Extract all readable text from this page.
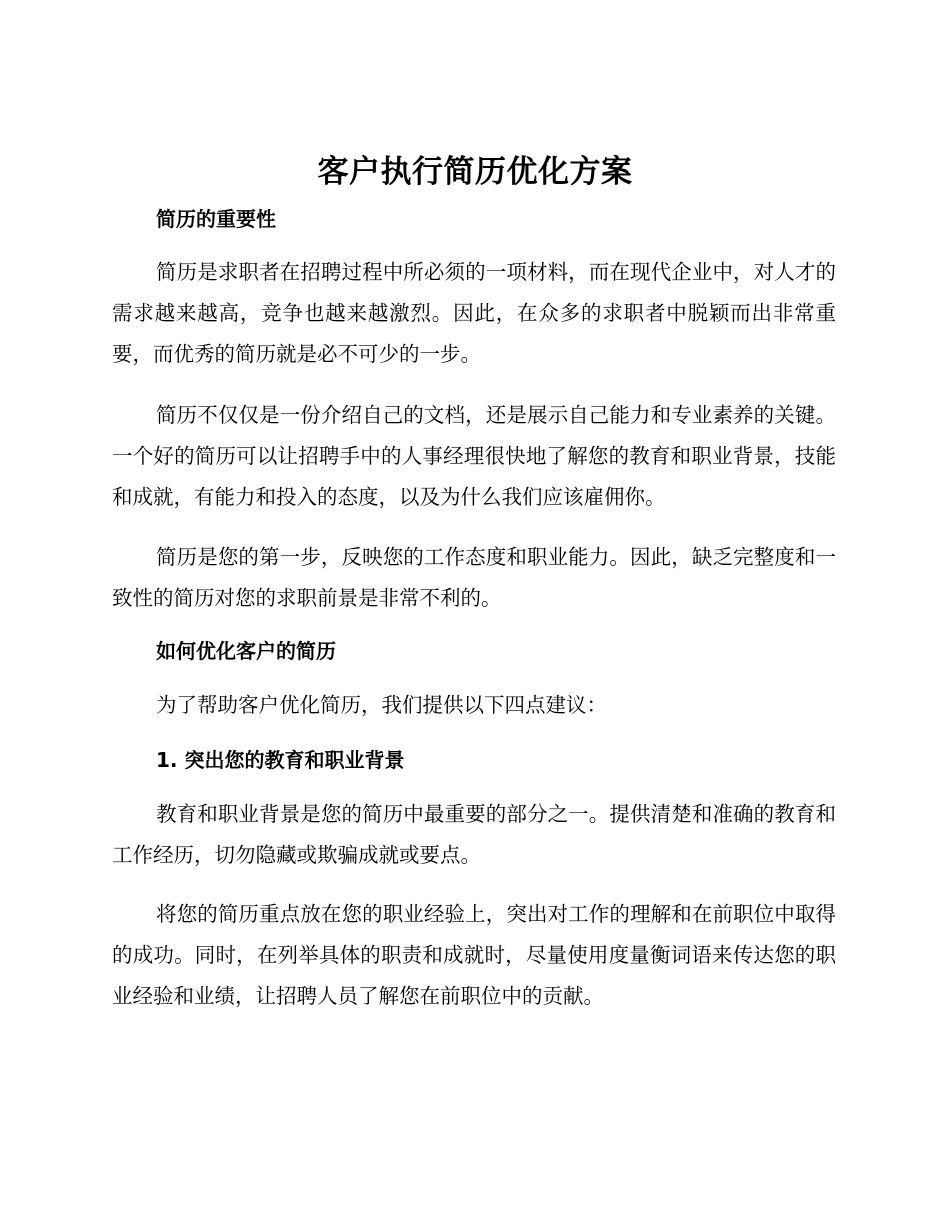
客户执行简历优化方案
简历的重要性

简历是求职者在招聘过程中所必须的一项材料，而在现代企业中，对人才的需求越来越高，竞争也越来越激烈。因此，在众多的求职者中脱颖而出非常重要，而优秀的简历就是必不可少的一步。

简历不仅仅是一份介绍自己的文档，还是展示自己能力和专业素养的关键。一个好的简历可以让招聘手中的人事经理很快地了解您的教育和职业背景，技能和成就，有能力和投入的态度，以及为什么我们应该雇佣你。

简历是您的第一步，反映您的工作态度和职业能力。因此，缺乏完整度和一致性的简历对您的求职前景是非常不利的。

如何优化客户的简历

为了帮助客户优化简历，我们提供以下四点建议：

1. 突出您的教育和职业背景

教育和职业背景是您的简历中最重要的部分之一。提供清楚和准确的教育和工作经历，切勿隐藏或欺骗成就或要点。

将您的简历重点放在您的职业经验上，突出对工作的理解和在前职位中取得的成功。同时，在列举具体的职责和成就时，尽量使用度量衡词语来传达您的职业经验和业绩，让招聘人员了解您在前职位中的贡献。
